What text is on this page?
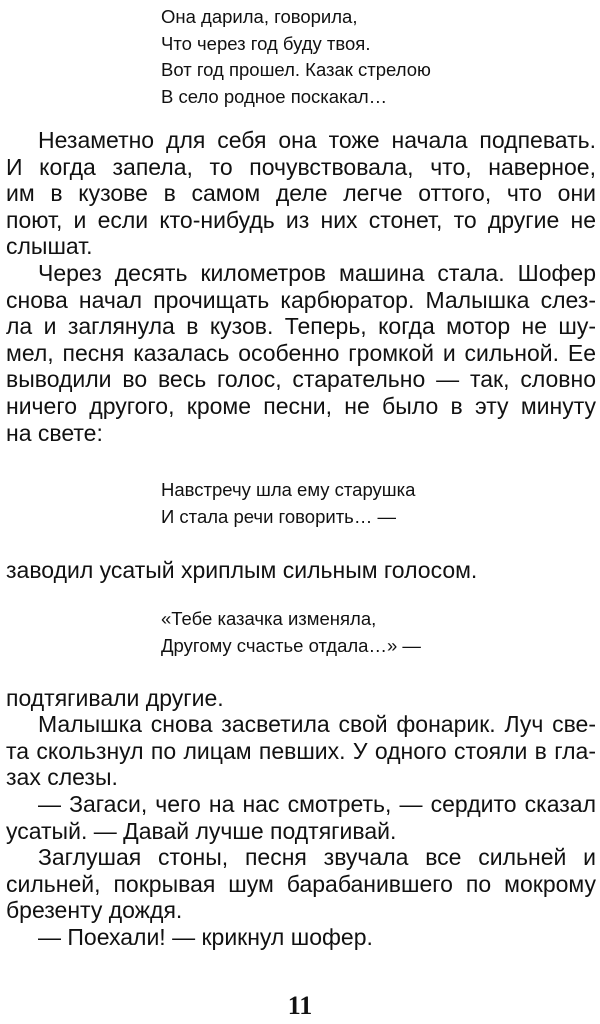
Она дарила, говорила,
Что через год буду твоя.
Вот год прошел. Казак стрелою
В село родное поскакал…
Незаметно для себя она тоже начала подпевать.
И когда запела, то почувствовала, что, наверное,
им в кузове в самом деле легче оттого, что они
поют, и если кто-нибудь из них стонет, то другие не
слышат.
Через десять километров машина стала. Шофер
снова начал прочищать карбюратор. Малышка слез-
ла и заглянула в кузов. Теперь, когда мотор не шу-
мел, песня казалась особенно громкой и сильной. Ее
выводили во весь голос, старательно — так, словно
ничего другого, кроме песни, не было в эту минуту
на свете:
Навстречу шла ему старушка
И стала речи говорить… —
заводил усатый хриплым сильным голосом.
«Тебе казачка изменяла,
Другому счастье отдала…» —
подтягивали другие.
Малышка снова засветила свой фонарик. Луч све-
та скользнул по лицам певших. У одного стояли в гла-
зах слезы.
— Загаси, чего на нас смотреть, — сердито сказал
усатый. — Давай лучше подтягивай.
Заглушая стоны, песня звучала все сильней и
сильней, покрывая шум барабанившего по мокрому
брезенту дождя.
— Поехали! — крикнул шофер.
11
